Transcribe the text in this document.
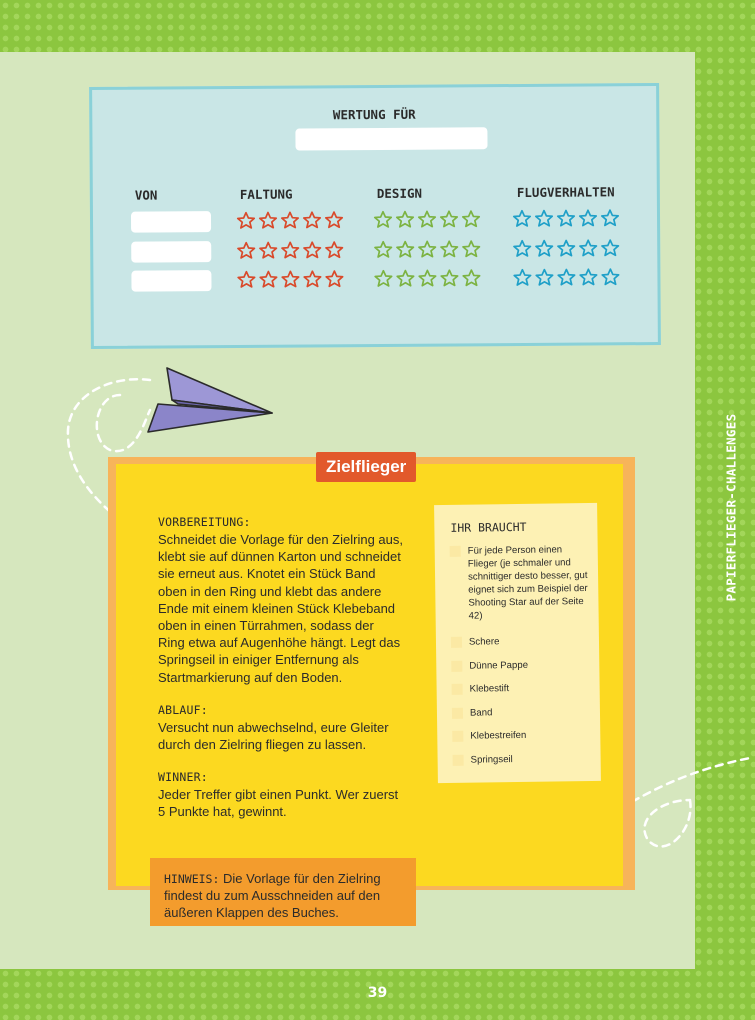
PAPIERFLIEGER-CHALLENGES
WERTUNG FÜR
VON	FALTUNG	DESIGN	FLUGVERHALTEN
Zielflieger
VORBEREITUNG:
Schneidet die Vorlage für den Zielring aus, klebt sie auf dünnen Karton und schneidet sie erneut aus. Knotet ein Stück Band oben in den Ring und klebt das andere Ende mit einem kleinen Stück Klebeband oben in einen Türrahmen, sodass der Ring etwa auf Augenhöhe hängt. Legt das Springseil in einiger Entfernung als Startmarkierung auf den Boden.
ABLAUF:
Versucht nun abwechselnd, eure Gleiter durch den Zielring fliegen zu lassen.
WINNER:
Jeder Treffer gibt einen Punkt. Wer zuerst 5 Punkte hat, gewinnt.
IHR BRAUCHT
Für jede Person einen Flieger (je schmaler und schnittiger desto besser, gut eignet sich zum Beispiel der Shooting Star auf der Seite 42)
Schere
Dünne Pappe
Klebestift
Band
Klebestreifen
Springseil
HINWEIS: Die Vorlage für den Zielring findest du zum Ausschneiden auf den äußeren Klappen des Buches.
39
